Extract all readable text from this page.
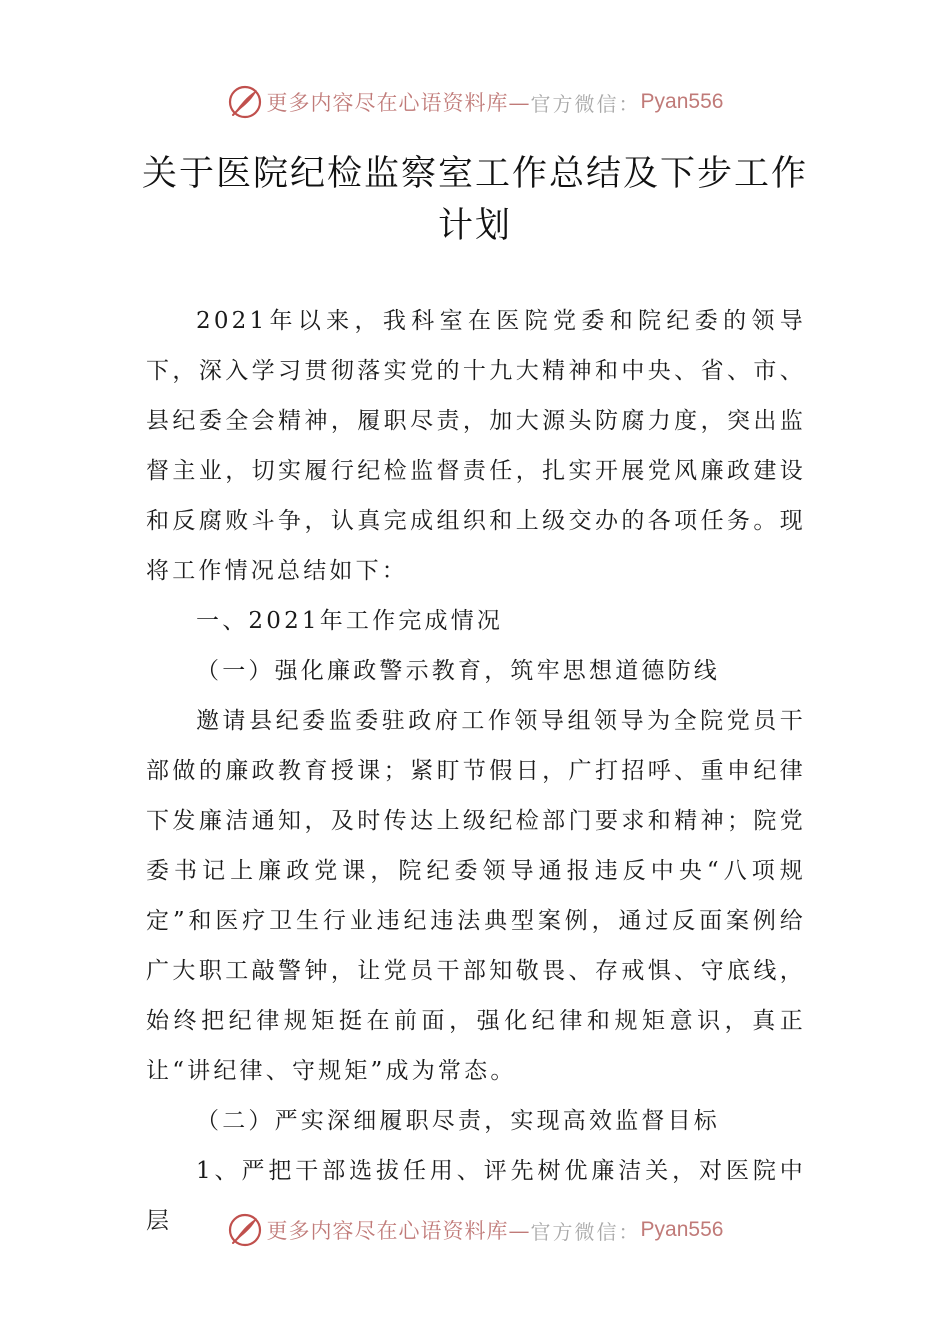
更多内容尽在心语资料库— 官方微信： Pyan556
关于医院纪检监察室工作总结及下步工作计划

2021年以来，我科室在医院党委和院纪委的领导下，深入学习贯彻落实党的十九大精神和中央、省、市、县纪委全会精神，履职尽责，加大源头防腐力度，突出监督主业，切实履行纪检监督责任，扎实开展党风廉政建设和反腐败斗争，认真完成组织和上级交办的各项任务。现将工作情况总结如下：

一、2021年工作完成情况

（一）强化廉政警示教育，筑牢思想道德防线

邀请县纪委监委驻政府工作领导组领导为全院党员干部做的廉政教育授课；紧盯节假日，广打招呼、重申纪律下发廉洁通知，及时传达上级纪检部门要求和精神；院党委书记上廉政党课，院纪委领导通报违反中央“八项规定”和医疗卫生行业违纪违法典型案例，通过反面案例给广大职工敲警钟，让党员干部知敬畏、存戒惧、守底线，始终把纪律规矩挺在前面，强化纪律和规矩意识，真正让“讲纪律、守规矩”成为常态。

（二）严实深细履职尽责，实现高效监督目标

1、严把干部选拔任用、评先树优廉洁关，对医院中层	更多内容尽在心语资料库— 官方微信： Pyan556
